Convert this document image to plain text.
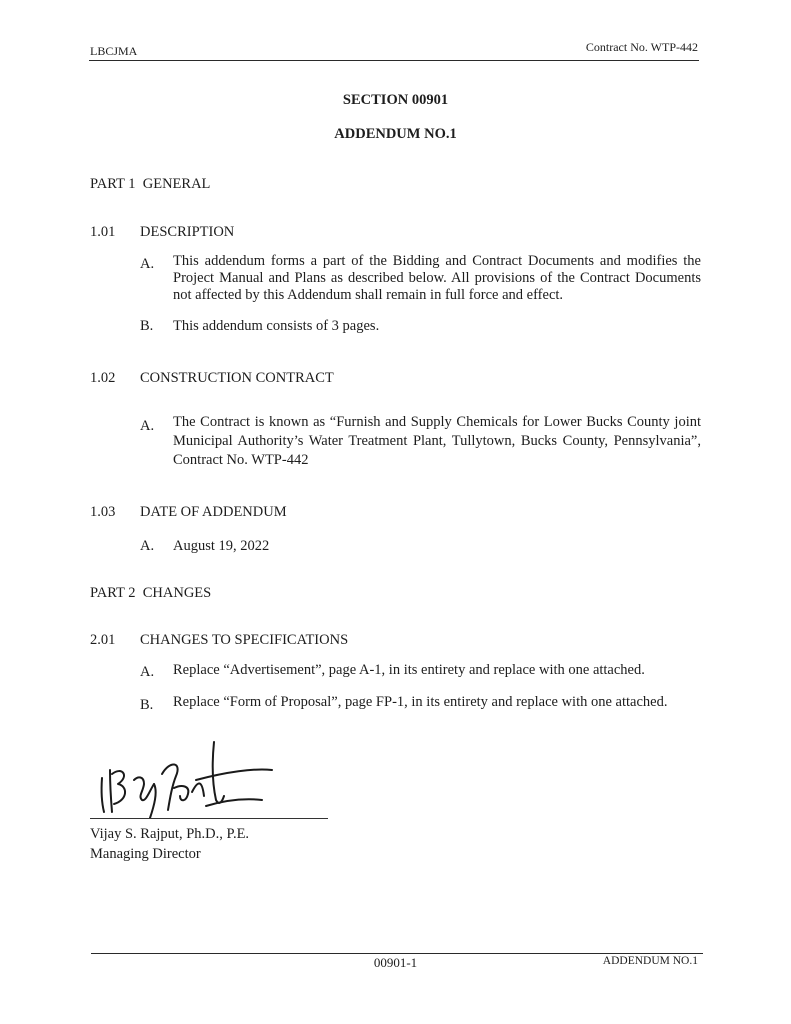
LBCJMA	Contract No. WTP-442
SECTION 00901
ADDENDUM NO.1
PART 1 GENERAL
1.01 DESCRIPTION
A. This addendum forms a part of the Bidding and Contract Documents and modifies the Project Manual and Plans as described below. All provisions of the Contract Documents not affected by this Addendum shall remain in full force and effect.
B. This addendum consists of 3 pages.
1.02 CONSTRUCTION CONTRACT
A. The Contract is known as “Furnish and Supply Chemicals for Lower Bucks County joint Municipal Authority’s Water Treatment Plant, Tullytown, Bucks County, Pennsylvania”, Contract No. WTP-442
1.03 DATE OF ADDENDUM
A. August 19, 2022
PART 2 CHANGES
2.01 CHANGES TO SPECIFICATIONS
A. Replace “Advertisement”, page A-1, in its entirety and replace with one attached.
B. Replace “Form of Proposal”, page FP-1, in its entirety and replace with one attached.
Vijay S. Rajput, Ph.D., P.E.
Managing Director
00901-1	ADDENDUM NO.1
